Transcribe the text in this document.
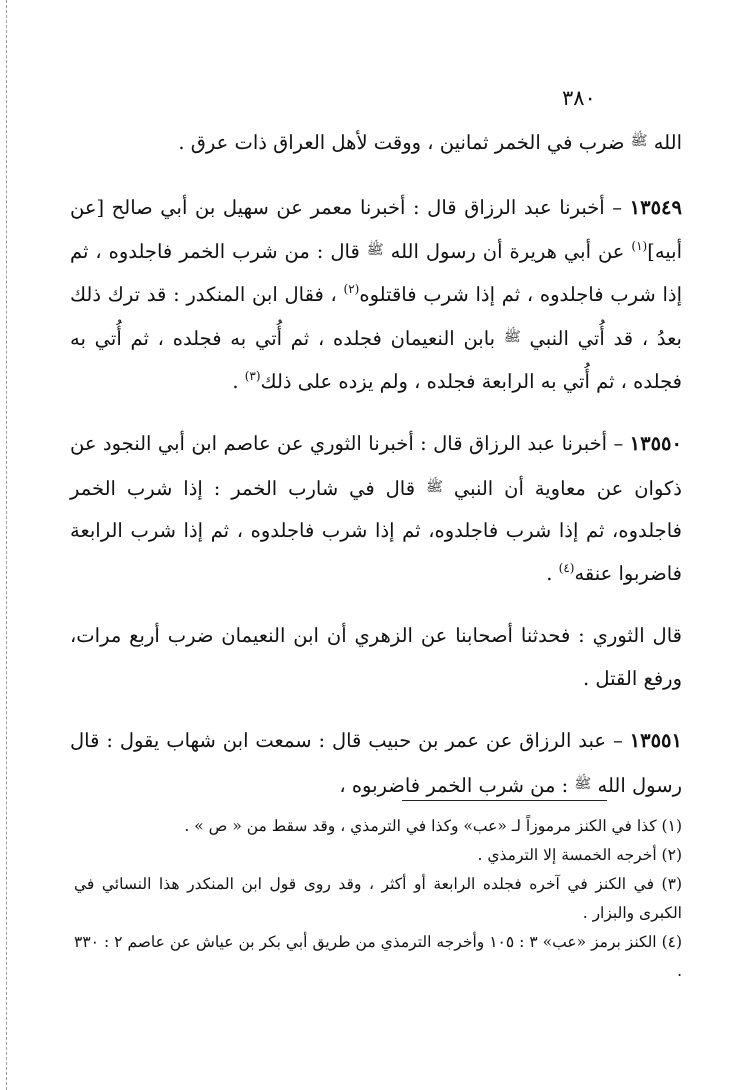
٣٨٠

الله $^ﷺ$ ضرب في الخمر ثمانين ، ووقت لأهل العراق ذات عرق .

١٣٥٤٩ – أخبرنا عبد الرزاق قال : أخبرنا معمر عن سهيل بن أبي صالح [عن أبيه]$^{(١)}$ عن أبي هريرة أن رسول الله $^ﷺ$ قال : من شرب الخمر فاجلدوه ، ثم إذا شرب فاجلدوه ، ثم إذا شرب فاقتلوه$^{(٢)}$ ، فقال ابن المنكدر : قد ترك ذلك بعدُ ، قد أُتي النبي $^ﷺ$ بابن النعيمان فجلده ، ثم أُتي به فجلده ، ثم أُتي به فجلده ، ثم أُتي به الرابعة فجلده ، ولم يزده على ذلك$^{(٣)}$ .

١٣٥٥٠ – أخبرنا عبد الرزاق قال : أخبرنا الثوري عن عاصم ابن أبي النجود عن ذكوان عن معاوية أن النبي $^ﷺ$ قال في شارب الخمر : إذا شرب الخمر فاجلدوه، ثم إذا شرب فاجلدوه، ثم إذا شرب فاجلدوه ، ثم إذا شرب الرابعة فاضربوا عنقه$^{(٤)}$ .

قال الثوري : فحدثنا أصحابنا عن الزهري أن ابن النعيمان ضرب أربع مرات، ورفع القتل .

١٣٥٥١ – عبد الرزاق عن عمر بن حبيب قال : سمعت ابن شهاب يقول : قال رسول الله $^ﷺ$ : من شرب الخمر فاضربوه ،

(١) كذا في الكنز مرموزاً لـ «عب» وكذا في الترمذي ، وقد سقط من « ص » .

(٢) أخرجه الخمسة إلا الترمذي .

(٣) في الكنز في آخره فجلده الرابعة أو أكثر ، وقد روى قول ابن المنكدر هذا النسائي في الكبرى والبزار .

(٤) الكنز برمز «عب» ٣ : ١٠٥ وأخرجه الترمذي من طريق أبي بكر بن عياش عن عاصم ٢ : ٣٣٠ .
